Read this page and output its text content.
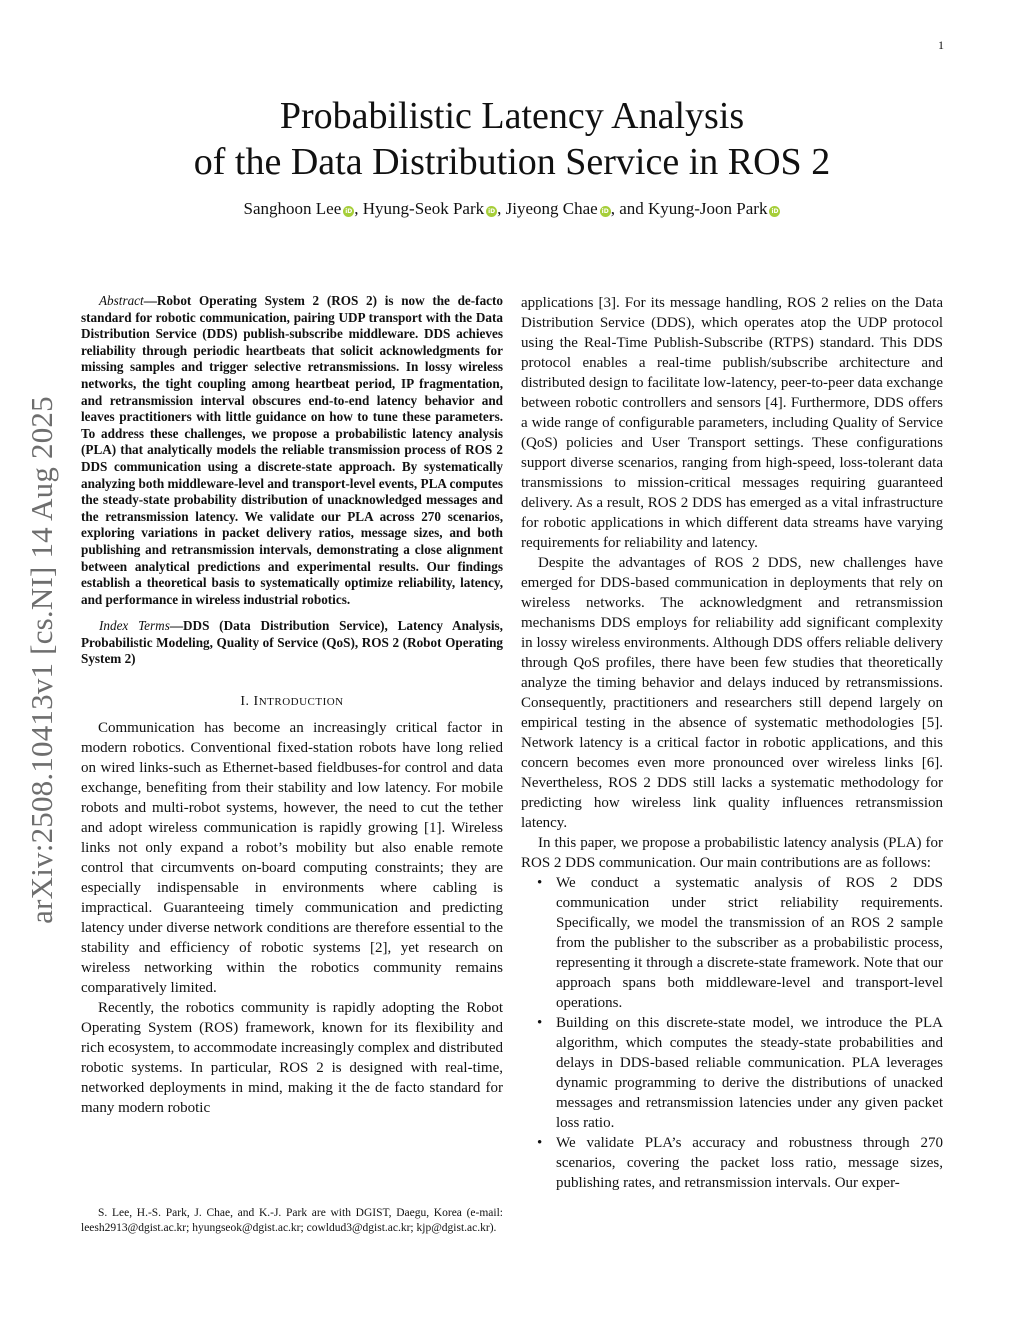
1
arXiv:2508.10413v1 [cs.NI] 14 Aug 2025
Probabilistic Latency Analysis
of the Data Distribution Service in ROS 2
Sanghoon Lee iD , Hyung-Seok Park iD , Jiyeong Chae iD , and Kyung-Joon Park iD

Abstract—Robot Operating System 2 (ROS 2) is now the de-facto standard for robotic communication, pairing UDP transport with the Data Distribution Service (DDS) publish-subscribe middleware. DDS achieves reliability through periodic heartbeats that solicit acknowledgments for missing samples and trigger selective retransmissions. In lossy wireless networks, the tight coupling among heartbeat period, IP fragmentation, and retransmission interval obscures end-to-end latency behavior and leaves practitioners with little guidance on how to tune these parameters. To address these challenges, we propose a probabilistic latency analysis (PLA) that analytically models the reliable transmission process of ROS 2 DDS communication using a discrete-state approach. By systematically analyzing both middleware-level and transport-level events, PLA computes the steady-state probability distribution of unacknowledged messages and the retransmission latency. We validate our PLA across 270 scenarios, exploring variations in packet delivery ratios, message sizes, and both publishing and retransmission intervals, demonstrating a close alignment between analytical predictions and experimental results. Our findings establish a theoretical basis to systematically optimize reliability, latency, and performance in wireless industrial robotics.

Index Terms—DDS (Data Distribution Service), Latency Analysis, Probabilistic Modeling, Quality of Service (QoS), ROS 2 (Robot Operating System 2)

I. INTRODUCTION

Communication has become an increasingly critical factor in modern robotics. Conventional fixed-station robots have long relied on wired links-such as Ethernet-based fieldbuses-for control and data exchange, benefiting from their stability and low latency. For mobile robots and multi-robot systems, however, the need to cut the tether and adopt wireless communication is rapidly growing [1]. Wireless links not only expand a robot’s mobility but also enable remote control that circumvents on-board computing constraints; they are especially indispensable in environments where cabling is impractical. Guaranteeing timely communication and predicting latency under diverse network conditions are therefore essential to the stability and efficiency of robotic systems [2], yet research on wireless networking within the robotics community remains comparatively limited.

Recently, the robotics community is rapidly adopting the Robot Operating System (ROS) framework, known for its flexibility and rich ecosystem, to accommodate increasingly complex and distributed robotic systems. In particular, ROS 2 is designed with real-time, networked deployments in mind, making it the de facto standard for many modern robotic

applications [3]. For its message handling, ROS 2 relies on the Data Distribution Service (DDS), which operates atop the UDP protocol using the Real-Time Publish-Subscribe (RTPS) standard. This DDS protocol enables a real-time publish/subscribe architecture and distributed design to facilitate low-latency, peer-to-peer data exchange between robotic controllers and sensors [4]. Furthermore, DDS offers a wide range of configurable parameters, including Quality of Service (QoS) policies and User Transport settings. These configurations support diverse scenarios, ranging from high-speed, loss-tolerant data transmissions to mission-critical messages requiring guaranteed delivery. As a result, ROS 2 DDS has emerged as a vital infrastructure for robotic applications in which different data streams have varying requirements for reliability and latency.

Despite the advantages of ROS 2 DDS, new challenges have emerged for DDS-based communication in deployments that rely on wireless networks. The acknowledgment and retransmission mechanisms DDS employs for reliability add significant complexity in lossy wireless environments. Although DDS offers reliable delivery through QoS profiles, there have been few studies that theoretically analyze the timing behavior and delays induced by retransmissions. Consequently, practitioners and researchers still depend largely on empirical testing in the absence of systematic methodologies [5]. Network latency is a critical factor in robotic applications, and this concern becomes even more pronounced over wireless links [6]. Nevertheless, ROS 2 DDS still lacks a systematic methodology for predicting how wireless link quality influences retransmission latency.

In this paper, we propose a probabilistic latency analysis (PLA) for ROS 2 DDS communication. Our main contributions are as follows:

• We conduct a systematic analysis of ROS 2 DDS communication under strict reliability requirements. Specifically, we model the transmission of an ROS 2 sample from the publisher to the subscriber as a probabilistic process, representing it through a discrete-state framework. Note that our approach spans both middleware-level and transport-level operations.
• Building on this discrete-state model, we introduce the PLA algorithm, which computes the steady-state probabilities and delays in DDS-based reliable communication. PLA leverages dynamic programming to derive the distributions of unacked messages and retransmission latencies under any given packet loss ratio.
• We validate PLA’s accuracy and robustness through 270 scenarios, covering the packet loss ratio, message sizes, publishing rates, and retransmission intervals. Our exper-
S. Lee, H.-S. Park, J. Chae, and K.-J. Park are with DGIST, Daegu, Korea (e-mail: leesh2913@dgist.ac.kr; hyungseok@dgist.ac.kr; cowldud3@dgist.ac.kr; kjp@dgist.ac.kr).
